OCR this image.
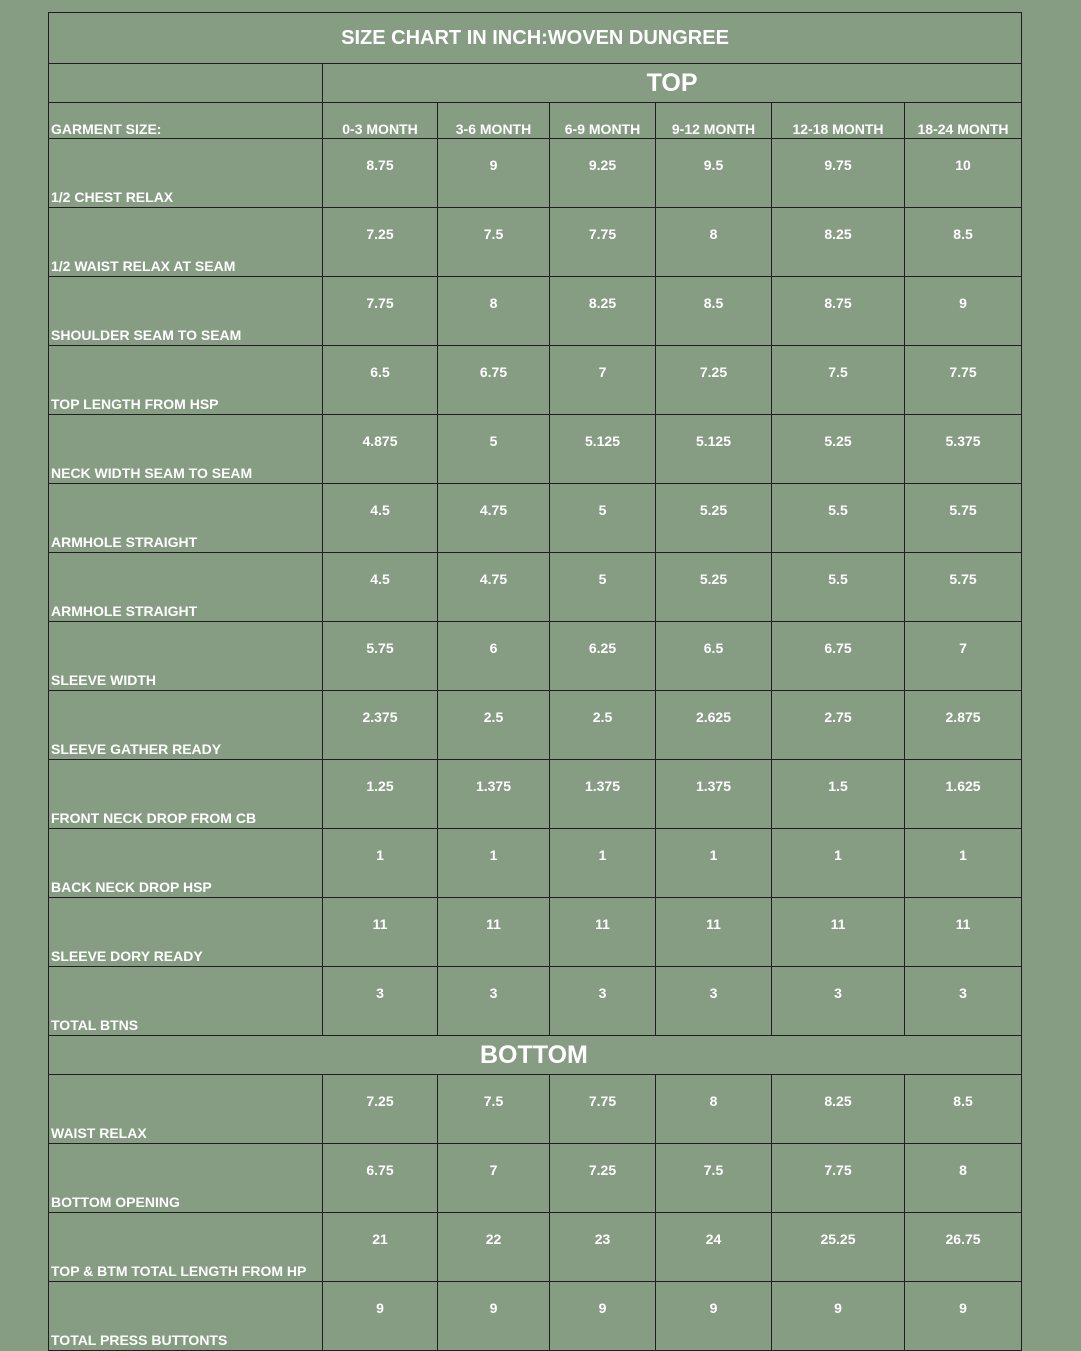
SIZE CHART IN INCH:WOVEN DUNGREE						
	TOP					
GARMENT SIZE:	0-3 MONTH	3-6 MONTH	6-9 MONTH	9-12 MONTH	12-18 MONTH	18-24 MONTH
1/2 CHEST RELAX	8.75	9	9.25	9.5	9.75	10
1/2 WAIST RELAX AT SEAM	7.25	7.5	7.75	8	8.25	8.5
SHOULDER SEAM TO SEAM	7.75	8	8.25	8.5	8.75	9
TOP LENGTH FROM HSP	6.5	6.75	7	7.25	7.5	7.75
NECK WIDTH SEAM TO SEAM	4.875	5	5.125	5.125	5.25	5.375
ARMHOLE STRAIGHT	4.5	4.75	5	5.25	5.5	5.75
ARMHOLE STRAIGHT	4.5	4.75	5	5.25	5.5	5.75
SLEEVE WIDTH	5.75	6	6.25	6.5	6.75	7
SLEEVE GATHER READY	2.375	2.5	2.5	2.625	2.75	2.875
FRONT NECK DROP FROM CB	1.25	1.375	1.375	1.375	1.5	1.625
BACK NECK DROP HSP	1	1	1	1	1	1
SLEEVE DORY READY	11	11	11	11	11	11
TOTAL BTNS	3	3	3	3	3	3
BOTTOM						
WAIST RELAX	7.25	7.5	7.75	8	8.25	8.5
BOTTOM OPENING	6.75	7	7.25	7.5	7.75	8
TOP & BTM TOTAL LENGTH FROM HP	21	22	23	24	25.25	26.75
TOTAL PRESS BUTTONTS	9	9	9	9	9	9
